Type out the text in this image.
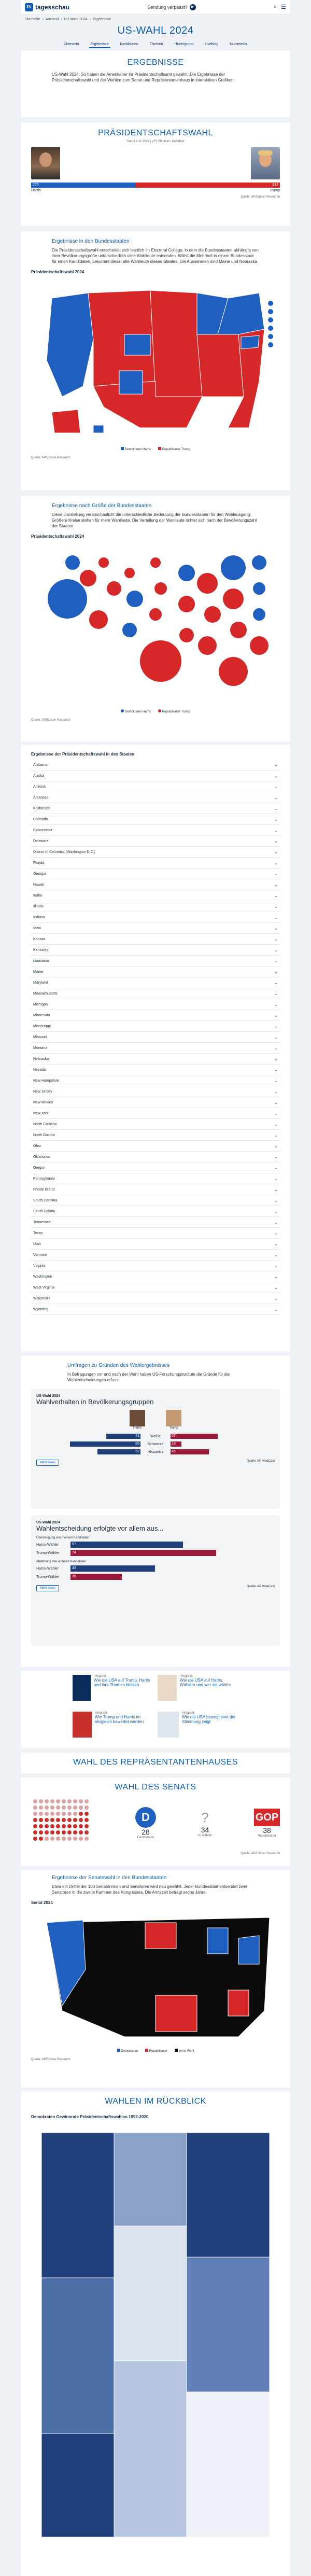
ts tagesschau	Sendung verpasst?	▶	⌕ ☰
Startseite › Ausland › US-Wahl 2024 › Ergebnisse
US-WAHL 2024
Übersicht	Ergebnisse	Kandidaten	Themen	Hintergrund	Liveblog	Multimedia
ERGEBNISSE
US-Wahl 2024: So haben die Amerikaner ihr Präsidentschaftsamt gewählt: Die Ergebnisse der Präsidentschaftswahl und der Wahlen zum Senat und Repräsentantenhaus in interaktiven Grafiken.
PRÄSIDENTSCHAFTSWAHL
Stand 6.11.2024 | 270 Stimmen: Mehrheit
226	312
Harris	Trump
Quelle: AP/Edison Research
Ergebnisse in den Bundesstaaten
Die Präsidentschaftswahl entscheidet sich letztlich im Electoral College, in dem die Bundesstaaten abhängig von ihrer Bevölkerungsgröße unterschiedlich viele Wahlleute entsenden. Wählt die Mehrheit in einem Bundesstaat für einen Kandidaten, bekommt dieser alle Wahlleute dieses Staates. Die Ausnahmen sind Maine und Nebraska.
Präsidentschaftswahl 2024
Demokraten Harris	Republikaner Trump
Quelle: AP/Edison Research
Ergebnisse nach Größe der Bundesstaaten
Diese Darstellung veranschaulicht die unterschiedliche Bedeutung der Bundesstaaten für den Wahlausgang: Größere Kreise stehen für mehr Wahlleute. Die Verteilung der Wahlleute richtet sich nach der Bevölkerungszahl der Staaten.
Präsidentschaftswahl 2024
Demokraten Harris	Republikaner Trump
Quelle: AP/Edison Research
Ergebnisse der Präsidentschaftswahl in den Staaten
Alabama	⌄
Alaska	⌄
Arizona	⌄
Arkansas	⌄
Kalifornien	⌄
Colorado	⌄
Connecticut	⌄
Delaware	⌄
District of Columbia (Washington D.C.)	⌄
Florida	⌄
Georgia	⌄
Hawaii	⌄
Idaho	⌄
Illinois	⌄
Indiana	⌄
Iowa	⌄
Kansas	⌄
Kentucky	⌄
Louisiana	⌄
Maine	⌄
Maryland	⌄
Massachusetts	⌄
Michigan	⌄
Minnesota	⌄
Mississippi	⌄
Missouri	⌄
Montana	⌄
Nebraska	⌄
Nevada	⌄
New Hampshire	⌄
New Jersey	⌄
New Mexico	⌄
New York	⌄
North Carolina	⌄
North Dakota	⌄
Ohio	⌄
Oklahoma	⌄
Oregon	⌄
Pennsylvania	⌄
Rhode Island	⌄
South Carolina	⌄
South Dakota	⌄
Tennessee	⌄
Texas	⌄
Utah	⌄
Vermont	⌄
Virginia	⌄
Washington	⌄
West Virginia	⌄
Wisconsin	⌄
Wyoming	⌄
Umfragen zu Gründen des Wahlergebnisses
In Befragungen vor und nach der Wahl haben US-Forschungsinstitute die Gründe für die Wahlentscheidungen erfasst.
US-Wahl 2024
Wahlverhalten in Bevölkerungsgruppen
Harris	Trump
41	Weiße	57
85	Schwarze	13
52	Hispanics	46
Mehr lesen	Quelle: AP VoteCast
US-Wahl 2024
Wahlentscheidung erfolgte vor allem aus...
Überzeugung von meinem Kandidaten
Harris-Wähler	57
Trump-Wähler	74
Ablehnung des anderen Kandidaten
Harris-Wähler	43
Trump-Wähler	26
Mehr lesen	Quelle: AP VoteCast
Infografik
Wie die USA auf Trump, Harris und ihre Themen blicken
Infografik
Wie die USA auf Harris, Wählern und wer sie wählte
Infografik
Wie Trump und Harris im Vergleich bewertet werden
Infografik
Wie die USA bewegt sind die Stimmung zeigt
WAHL DES REPRÄSENTANTENHAUSES
WAHL DES SENATS
D
28
Demokraten
?
34
zu wählen
GOP
38
Republikaner
Quelle: AP/Edison Research
Ergebnisse der Senatswahl in den Bundesstaaten
Etwa ein Drittel der 100 Senatorinnen und Senatoren wird neu gewählt. Jeder Bundesstaat entsendet zwei Senatoren in die zweite Kammer des Kongresses. Die Amtszeit beträgt sechs Jahre.
Senat 2024
Demokraten	Republikaner	keine Wahl
Quelle: AP/Edison Research
WAHLEN IM RÜCKBLICK
Demokraten Gewinnrate Präsidentschaftswahlen 1992-2020
